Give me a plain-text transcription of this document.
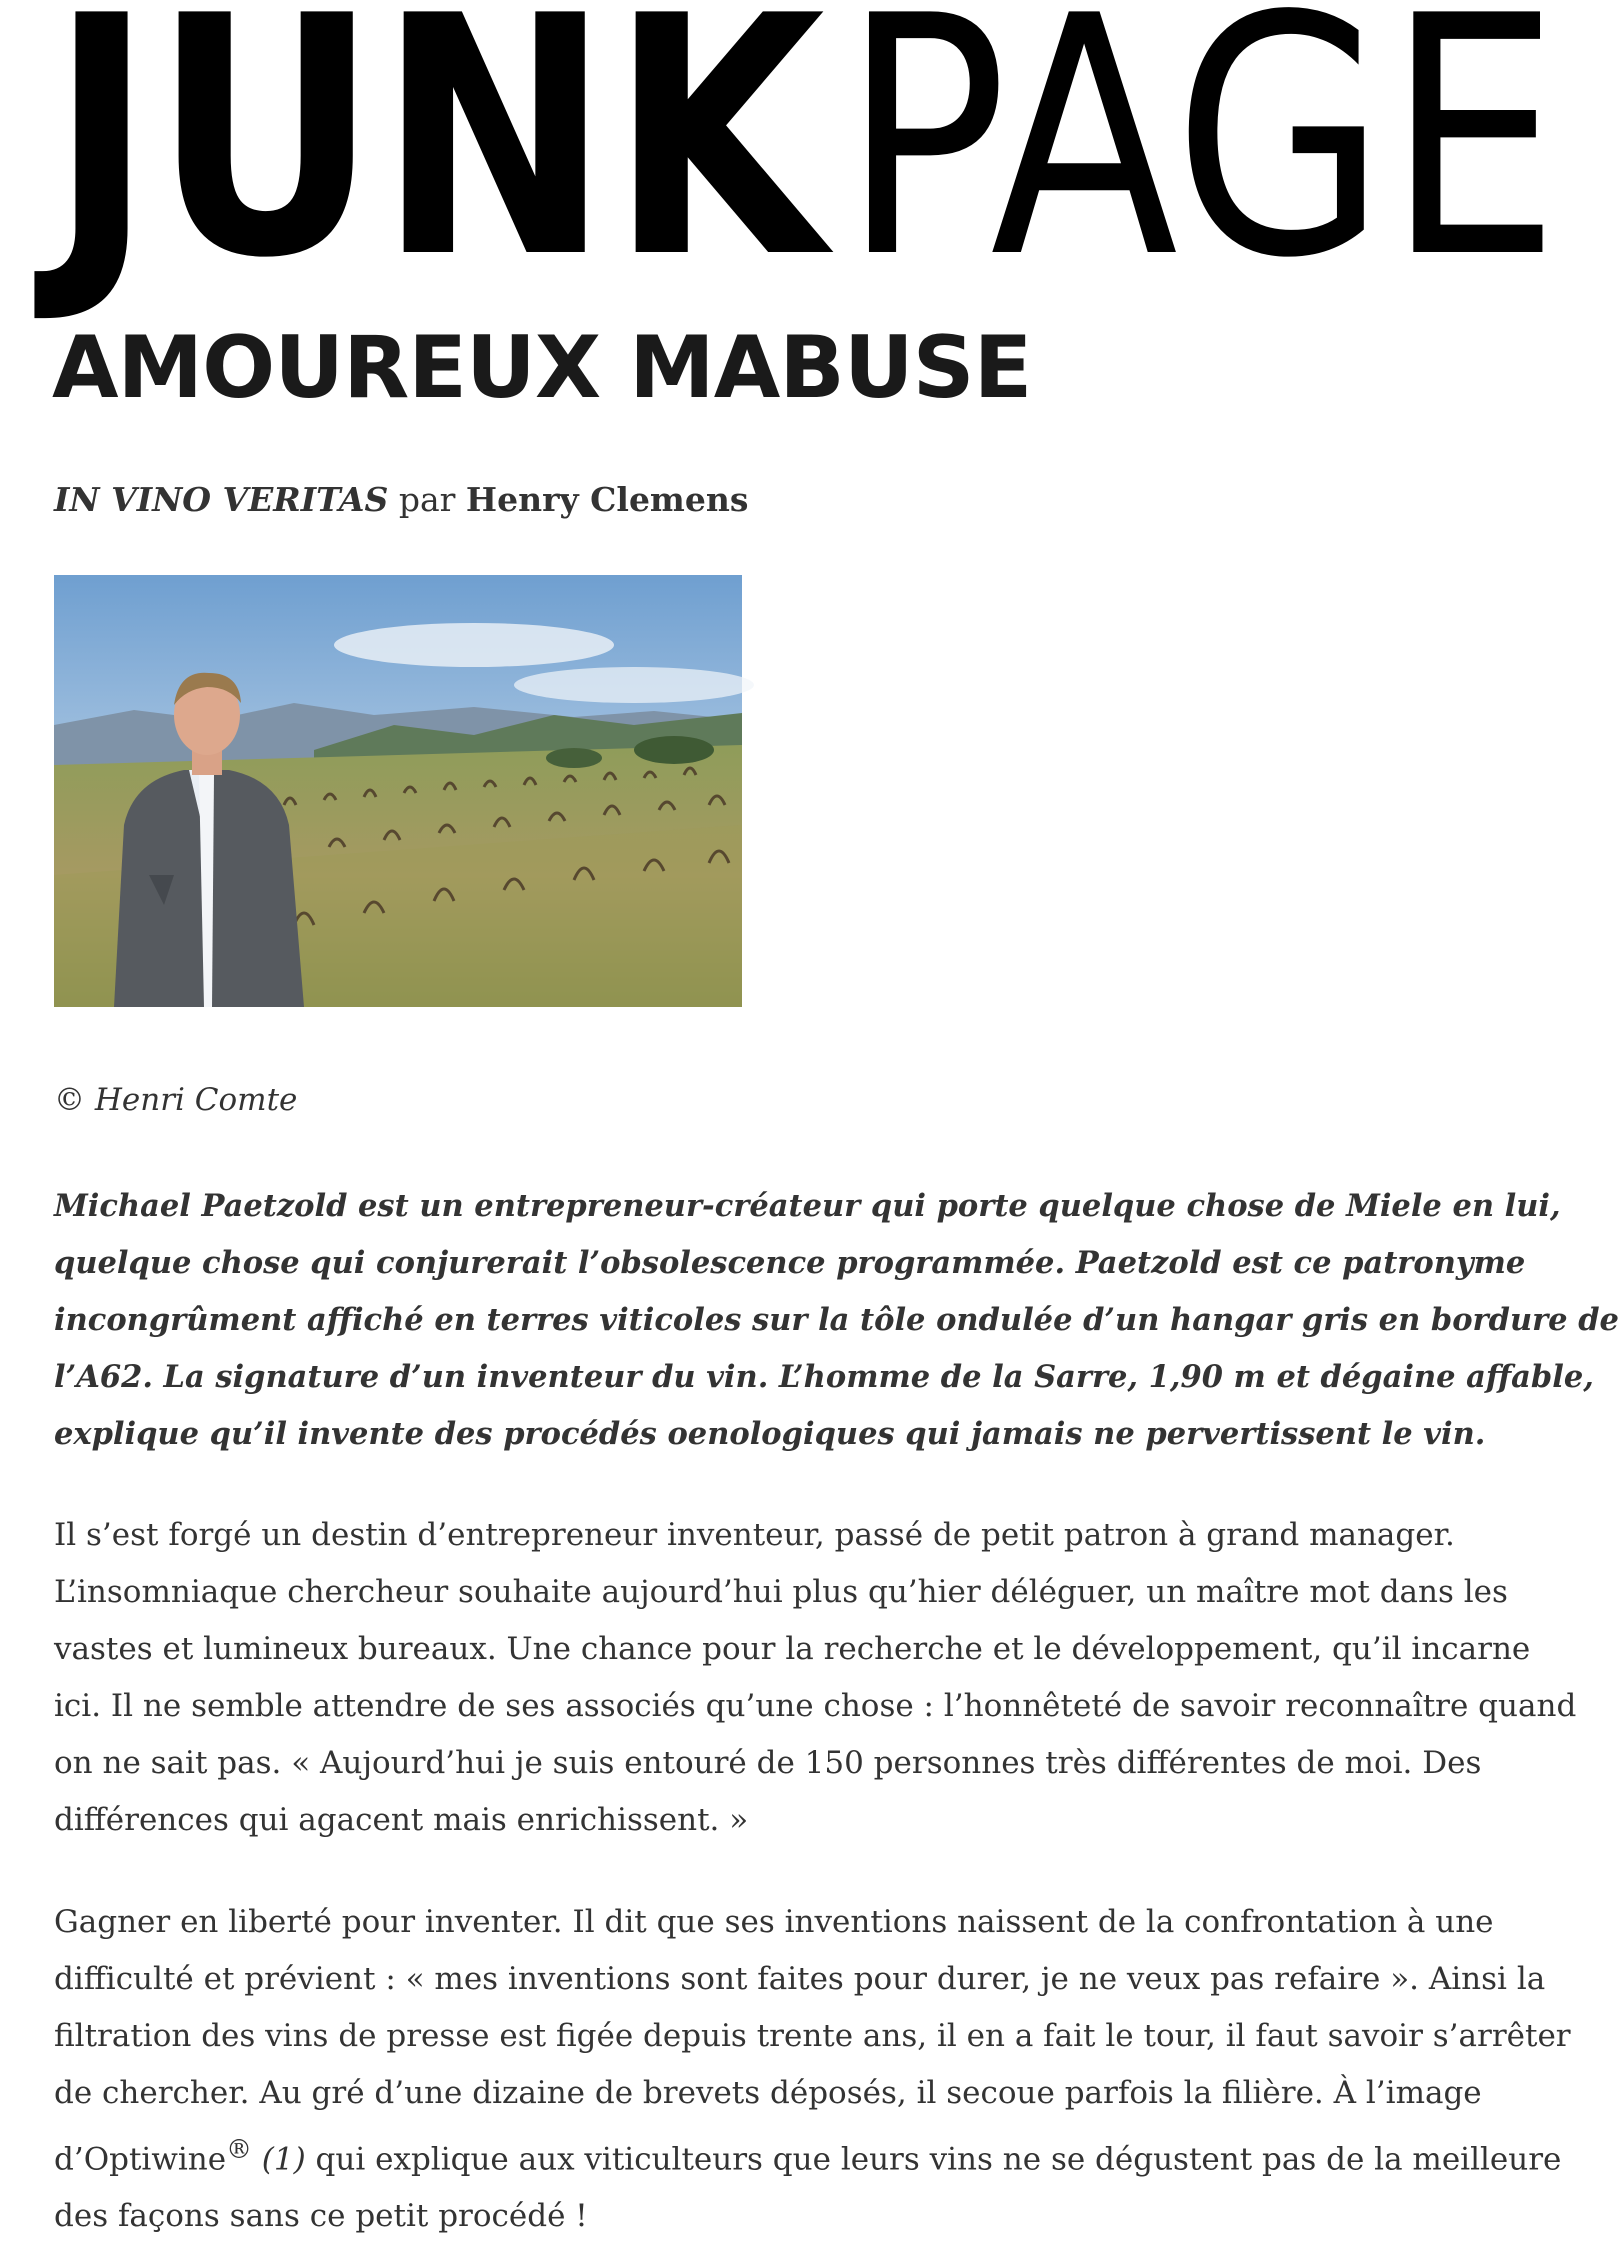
JUNK PAGE
AMOUREUX MABUSE
IN VINO VERITAS par Henry Clemens
© Henri Comte
Michael Paetzold est un entrepreneur-créateur qui porte quelque chose de Miele en lui,
quelque chose qui conjurerait l’obsolescence programmée. Paetzold est ce patronyme
incongrûment affiché en terres viticoles sur la tôle ondulée d’un hangar gris en bordure de
l’A62. La signature d’un inventeur du vin. L’homme de la Sarre, 1,90 m et dégaine affable,
explique qu’il invente des procédés oenologiques qui jamais ne pervertissent le vin.
Il s’est forgé un destin d’entrepreneur inventeur, passé de petit patron à grand manager.
L’insomniaque chercheur souhaite aujourd’hui plus qu’hier déléguer, un maître mot dans les
vastes et lumineux bureaux. Une chance pour la recherche et le développement, qu’il incarne
ici. Il ne semble attendre de ses associés qu’une chose : l’honnêteté de savoir reconnaître quand
on ne sait pas. « Aujourd’hui je suis entouré de 150 personnes très différentes de moi. Des
différences qui agacent mais enrichissent. »
Gagner en liberté pour inventer. Il dit que ses inventions naissent de la confrontation à une
difficulté et prévient : « mes inventions sont faites pour durer, je ne veux pas refaire ». Ainsi la
filtration des vins de presse est figée depuis trente ans, il en a fait le tour, il faut savoir s’arrêter
de chercher. Au gré d’une dizaine de brevets déposés, il secoue parfois la filière. À l’image
d’Optiwine® (1) qui explique aux viticulteurs que leurs vins ne se dégustent pas de la meilleure
des façons sans ce petit procédé !
